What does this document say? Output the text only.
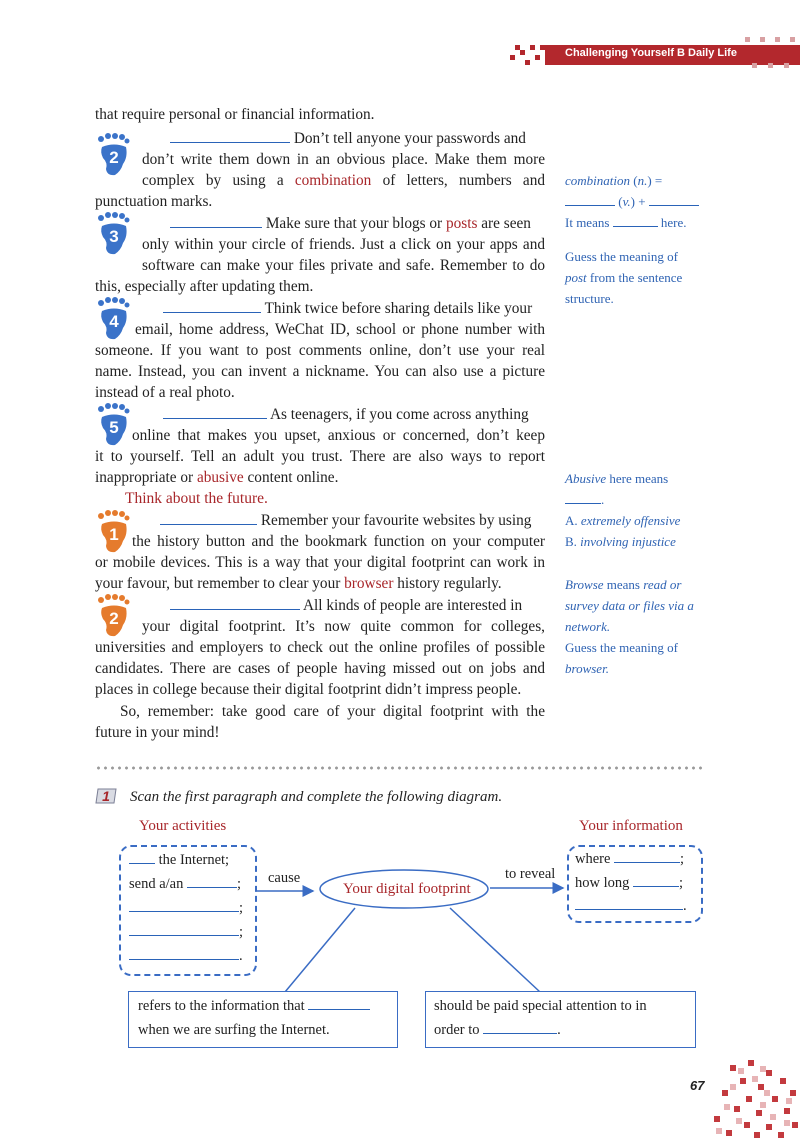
Challenging Yourself B Daily Life
that require personal or financial information.
Don’t tell anyone your passwords and
don’t write them down in an obvious place. Make them more
complex by using a combination of letters, numbers and
punctuation marks.
Make sure that your blogs or posts are seen
only within your circle of friends. Just a click on your apps and
software can make your files private and safe. Remember to do
this, especially after updating them.
Think twice before sharing details like your
email, home address, WeChat ID, school or phone number with
someone. If you want to post comments online, don’t use your real
name. Instead, you can invent a nickname. You can also use a picture
instead of a real photo.
As teenagers, if you come across anything
online that makes you upset, anxious or concerned, don’t keep
it to yourself. Tell an adult you trust. There are also ways to report
inappropriate or abusive content online.
Think about the future.
Remember your favourite websites by using
the history button and the bookmark function on your computer
or mobile devices. This is a way that your digital footprint can work in
your favour, but remember to clear your browser history regularly.
All kinds of people are interested in
your digital footprint. It’s now quite common for colleges,
universities and employers to check out the online profiles of possible
candidates. There are cases of people having missed out on jobs and
places in college because their digital footprint didn’t impress people.
So, remember: take good care of your digital footprint with the
future in your mind!
2
3
4
5
1
2
combination (n.) =
(v.) +
It means	here.
Guess the meaning of
post from the sentence
structure.
Abusive here means
.
A. extremely offensive
B. involving injustice
Browse means read or
survey data or files via a
network.
Guess the meaning of
browser.
1 Scan the first paragraph and complete the following diagram.
Your activities	Your information
the Internet;
send a/an	;
;
;
.
cause
Your digital footprint
to reveal
where	;
how long	;
.
refers to the information that
when we are surfing the Internet.
should be paid special attention to in
order to	.
67
